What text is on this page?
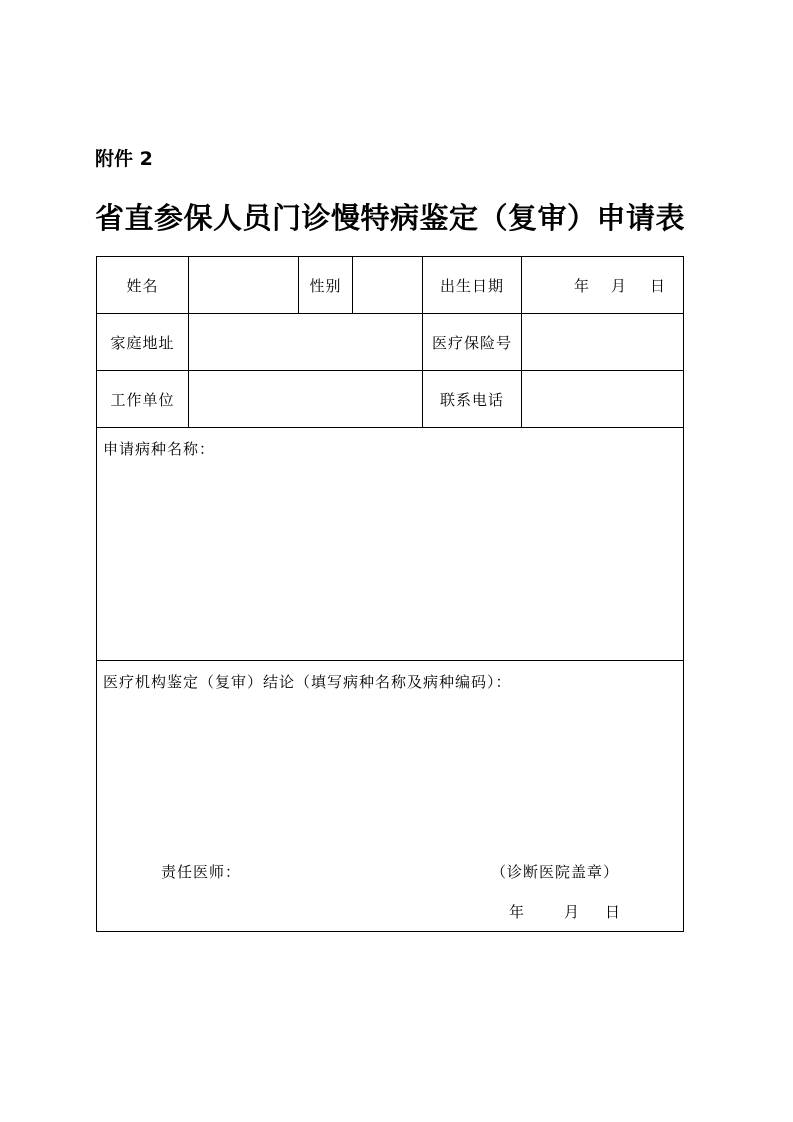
附件 2
省直参保人员门诊慢特病鉴定（复审）申请表
姓名		性别		出生日期	年 月 日
家庭地址				医疗保险号	
工作单位				联系电话	

申请病种名称：					

医疗机构鉴定（复审）结论（填写病种名称及病种编码）：
责任医师： （诊断医院盖章）
年 月 日					
